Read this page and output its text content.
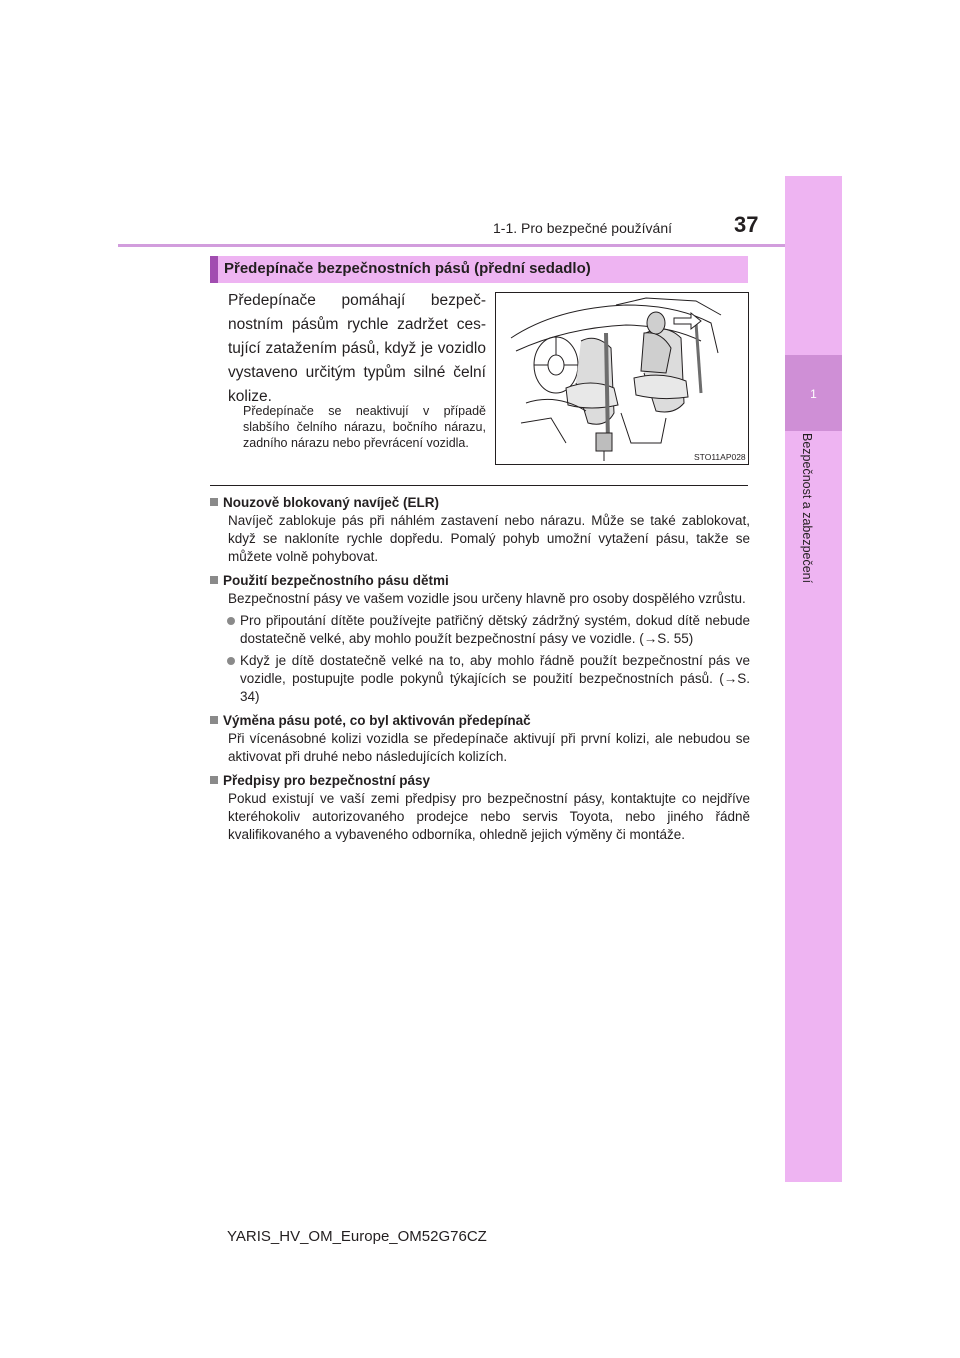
1-1. Pro bezpečné používání	37
1
Bezpečnost a zabezpečení
Předepínače bezpečnostních pásů (přední sedadlo)
Předepínače pomáhají bezpečnostním pásům rychle zadržet cestující zatažením pásů, když je vozidlo vystaveno určitým typům silné čelní kolize.
Předepínače se neaktivují v případě slabšího čelního nárazu, bočního nárazu, zadního nárazu nebo převrácení vozidla.
STO11AP028
Nouzově blokovaný navíječ (ELR)
Navíječ zablokuje pás při náhlém zastavení nebo nárazu. Může se také zablokovat, když se nakloníte rychle dopředu. Pomalý pohyb umožní vytažení pásu, takže se můžete volně pohybovat.
Použití bezpečnostního pásu dětmi
Bezpečnostní pásy ve vašem vozidle jsou určeny hlavně pro osoby dospělého vzrůstu.
Pro připoutání dítěte používejte patřičný dětský zádržný systém, dokud dítě nebude dostatečně velké, aby mohlo použít bezpečnostní pásy ve vozidle. (→S. 55)
Když je dítě dostatečně velké na to, aby mohlo řádně použít bezpečnostní pás ve vozidle, postupujte podle pokynů týkajících se použití bezpečnostních pásů. (→S. 34)
Výměna pásu poté, co byl aktivován předepínač
Při vícenásobné kolizi vozidla se předepínače aktivují při první kolizi, ale nebudou se aktivovat při druhé nebo následujících kolizích.
Předpisy pro bezpečnostní pásy
Pokud existují ve vaší zemi předpisy pro bezpečnostní pásy, kontaktujte co nejdříve kteréhokoliv autorizovaného prodejce nebo servis Toyota, nebo jiného řádně kvalifikovaného a vybaveného odborníka, ohledně jejich výměny či montáže.
YARIS_HV_OM_Europe_OM52G76CZ
